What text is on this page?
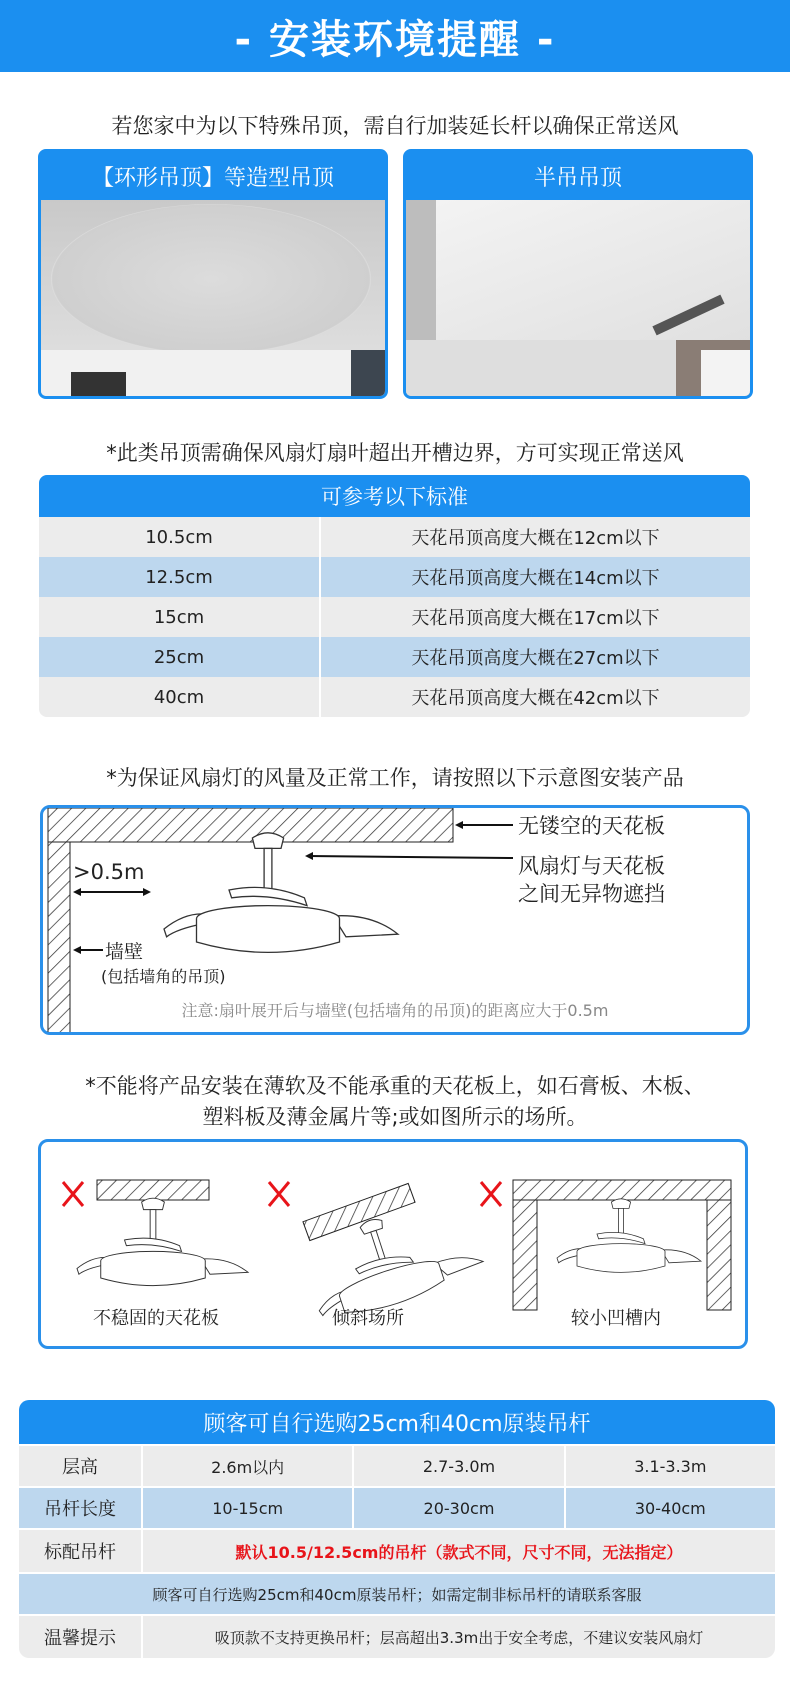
- 安装环境提醒 -
若您家中为以下特殊吊顶，需自行加装延长杆以确保正常送风
【环形吊顶】等造型吊顶	半吊吊顶
*此类吊顶需确保风扇灯扇叶超出开槽边界，方可实现正常送风
可参考以下标准
10.5cm	天花吊顶高度大概在12cm以下
12.5cm	天花吊顶高度大概在14cm以下
15cm	天花吊顶高度大概在17cm以下
25cm	天花吊顶高度大概在27cm以下
40cm	天花吊顶高度大概在42cm以下
*为保证风扇灯的风量及正常工作，请按照以下示意图安装产品
无镂空的天花板
风扇灯与天花板
之间无异物遮挡
>0.5m
墙壁
(包括墙角的吊顶)
注意:扇叶展开后与墙壁(包括墙角的吊顶)的距离应大于0.5m
*不能将产品安装在薄软及不能承重的天花板上，如石膏板、木板、
塑料板及薄金属片等;或如图所示的场所。
不稳固的天花板	倾斜场所	较小凹槽内
顾客可自行选购25cm和40cm原装吊杆
层高	2.6m以内	2.7-3.0m	3.1-3.3m
吊杆长度	10-15cm	20-30cm	30-40cm
标配吊杆	默认10.5/12.5cm的吊杆（款式不同，尺寸不同，无法指定）
顾客可自行选购25cm和40cm原装吊杆；如需定制非标吊杆的请联系客服
温馨提示	吸顶款不支持更换吊杆；层高超出3.3m出于安全考虑，不建议安装风扇灯
